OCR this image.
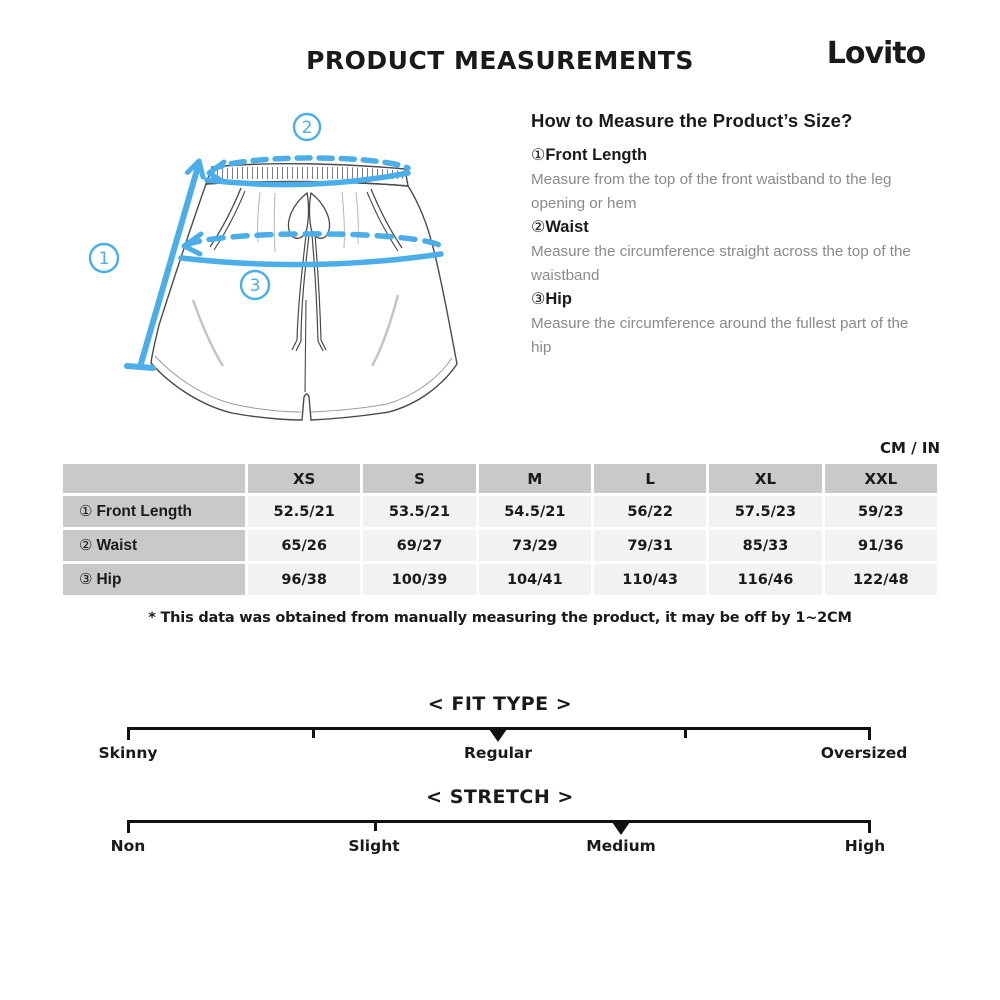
PRODUCT MEASUREMENTS	Lovito
1
2
3
How to Measure the Product’s Size?
①Front Length
Measure from the top of the front waistband to the leg opening or hem
②Waist
Measure the circumference straight across the top of the waistband
③Hip
Measure the circumference around the fullest part of the hip
CM / IN
	XS	S	M	L	XL	XXL
① Front Length	52.5/21	53.5/21	54.5/21	56/22	57.5/23	59/23
② Waist	65/26	69/27	73/29	79/31	85/33	91/36
③ Hip	96/38	100/39	104/41	110/43	116/46	122/48
* This data was obtained from manually measuring the product, it may be off by 1~2CM
< FIT TYPE >
Skinny	Regular	Oversized
< STRETCH >
Non	Slight	Medium	High
